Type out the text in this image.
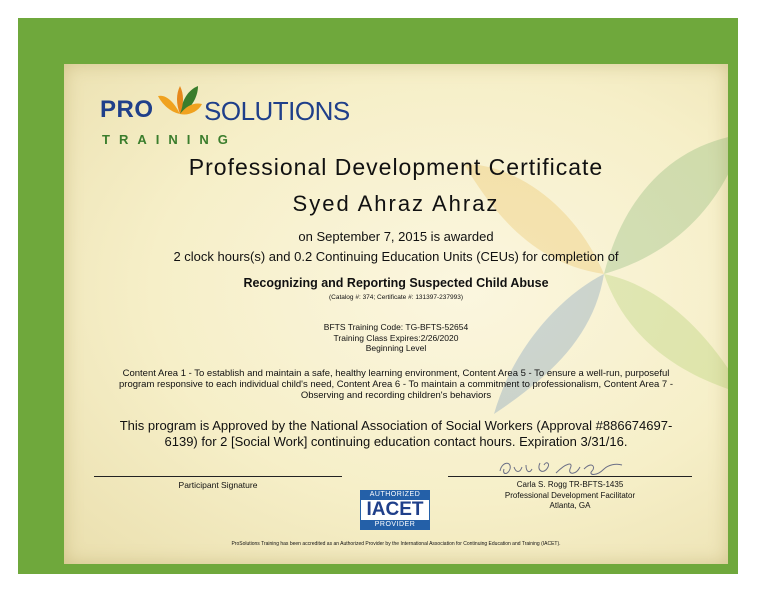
PRO SOLUTIONS
TRAINING
Professional Development Certificate
Syed Ahraz Ahraz
on September 7, 2015 is awarded
2 clock hours(s) and 0.2 Continuing Education Units (CEUs) for completion of
Recognizing and Reporting Suspected Child Abuse
(Catalog #: 374; Certificate #: 131397-237993)
BFTS Training Code: TG-BFTS-52654
Training Class Expires:2/26/2020
Beginning Level
Content Area 1 - To establish and maintain a safe, healthy learning environment, Content Area 5 - To ensure a well-run, purposeful program responsive to each individual child's need, Content Area 6 - To maintain a commitment to professionalism, Content Area 7 - Observing and recording children's behaviors
This program is Approved by the National Association of Social Workers (Approval #886674697-6139) for 2 [Social Work] continuing education contact hours. Expiration 3/31/16.
Participant Signature	Carla S. Rogg TR-BFTS-1435
Professional Development Facilitator
Atlanta, GA
AUTHORIZED
IACET
PROVIDER
ProSolutions Training has been accredited as an Authorized Provider by the International Association for Continuing Education and Training (IACET).
